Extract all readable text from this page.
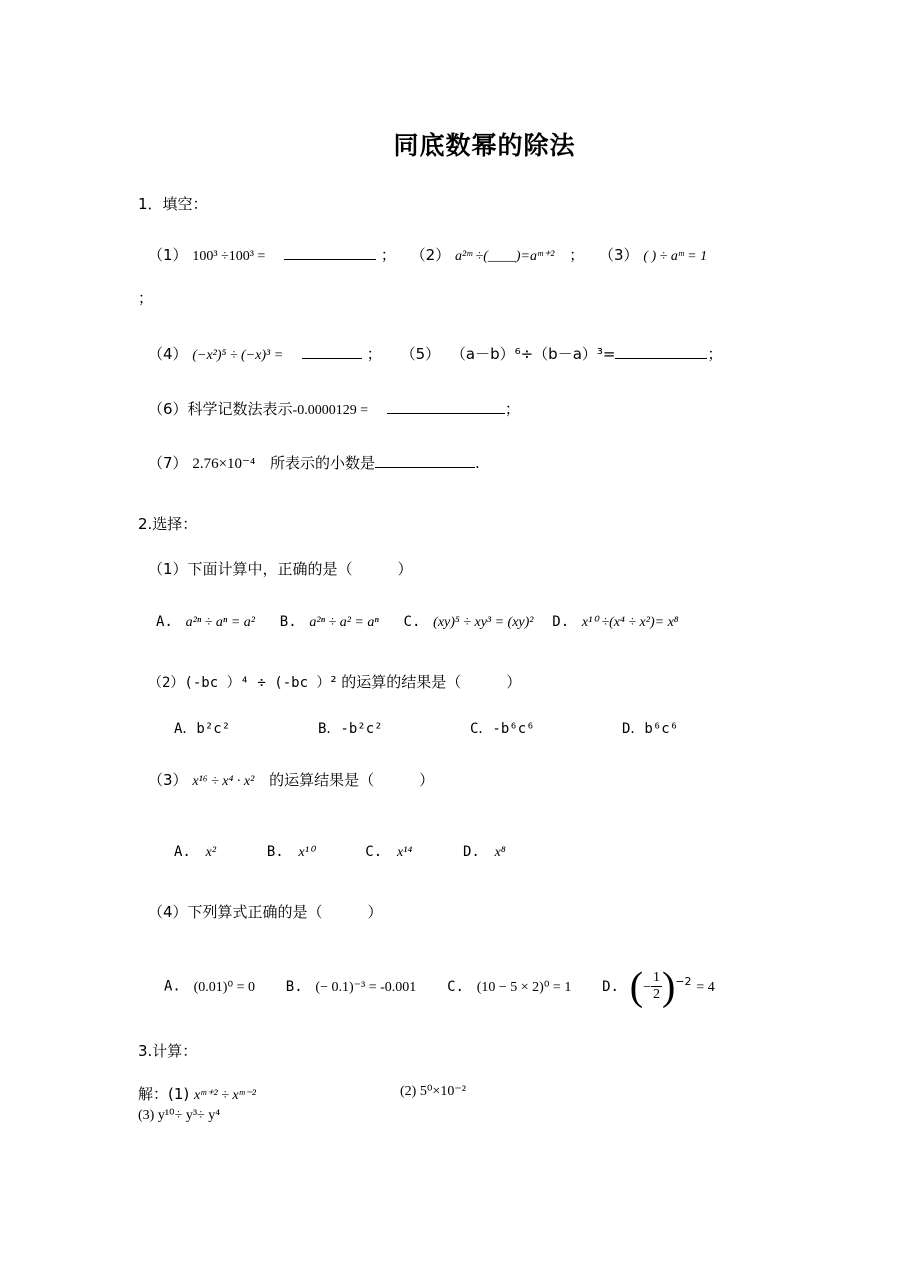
同底数幂的除法
1．填空：
（1） 100³ ÷100³ =	； （2） a²ᵐ ÷(____)=aᵐ⁺² ； （3） ( ) ÷ aᵐ = 1
；
（4） (−x²)⁵ ÷ (−x)³ =	； （5） （a－b）⁶÷（b－a）³=	；
（6）科学记数法表示-0.0000129 =	；
（7） 2.76×10⁻⁴ 所表示的小数是	.
2.选择：
（1）下面计算中，正确的是（　　　）
A. a²ⁿ ÷ aⁿ = a² B. a²ⁿ ÷ a² = aⁿ C. (xy)⁵ ÷ xy³ = (xy)² D. x¹⁰ ÷(x⁴ ÷ x²)= x⁸
（2）(-bc ）⁴ ÷ (-bc ）² 的运算的结果是（　　　）
A．b²c²	B．-b²c²	C．-b⁶c⁶	D．b⁶c⁶
（3） x¹⁶ ÷ x⁴ · x² 的运算结果是（　　　）
A. x²	B. x¹⁰	C. x¹⁴	D. x⁸
（4）下列算式正确的是（　　　）
A. (0.01)⁰ = 0 B. (− 0.1)⁻³ = -0.001 C. (10 − 5 × 2)⁰ = 1 D. (− $\frac{1}{2} )^{-2} = 4$
3.计算：
解：(1) xᵐ⁺² ÷ xᵐ⁻²	(2) 5⁰×10⁻²
(3) y¹⁰÷ y³÷ y⁴
